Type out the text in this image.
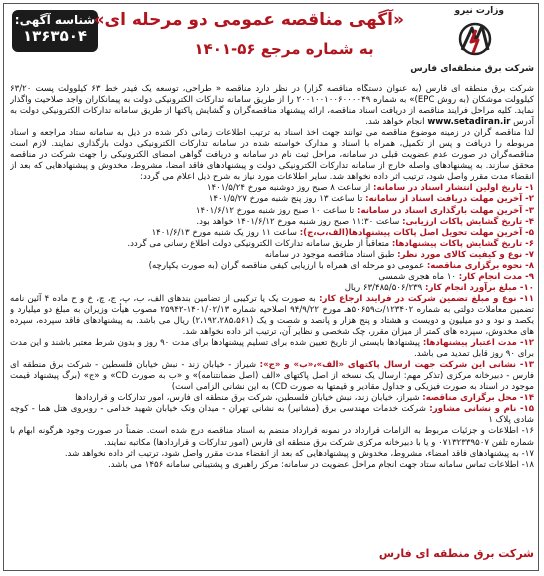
شناسه آگهی:
۱۳۶۳۵۰۴
«آگهی مناقصه عمومی دو مرحله ای»
به شماره مرجع ۵۶-۱۴۰۱
وزارت نیرو
شرکت برق منطقه‌ای فارس

شرکت برق منطقه ای فارس (به عنوان دستگاه مناقصه گزار) در نظر دارد مناقصه « طراحی، توسعه یک فیدر خط ۶۳ کیلوولت پست ۶۳/۲۰ کیلوولت موشکان (به روش EPC)» به شماره ۲۰۰۱۰۰۱۰۰۶۰۰۰۰۴۹ را از طریق سامانه تدارکات الکترونیکی دولت به پیمانکاران واجد صلاحیت واگذار نماید. کلیه مراحل فرایند مناقصه از دریافت اسناد مناقصه، ارائه پیشنهاد مناقصه‌گران و گشایش پاکتها از طریق سامانه تدارکات الکترونیکی دولت به آدرس www.setadiran.ir انجام خواهد شد.

لذا مناقصه گران در زمینه موضوع مناقصه می توانند جهت اخذ اسناد به ترتیب اطلاعات زمانی ذکر شده در ذیل به سامانه ستاد مراجعه و اسناد مربوطه را دریافت و پس از تکمیل، همراه با اسناد و مدارک خواسته شده در سامانه تدارکات الکترونیکی دولت بارگذاری نمایند. لازم است مناقصه‌گران در صورت عدم عضویت قبلی در سامانه، مراحل ثبت نام در سامانه و دریافت گواهی امضای الکترونیکی را جهت شرکت در مناقصه محقق سازند. به پیشنهادهای واصله خارج از سامانه تدارکات الکترونیکی دولت و پیشنهادهای فاقد امضا، مشروط، مخدوش و پیشنهادهایی که بعد از انقضاء مدت مقرر واصل شود، ترتیب اثر داده نخواهد شد. سایر اطلاعات مورد نیاز به شرح ذیل اعلام می گردد:

۱- تاریخ اولین انتشار اسناد در سامانه: از ساعت ۸ صبح روز دوشنبه مورخ ۱۴۰۱/۵/۲۴

۲- آخرین مهلت دریافت اسناد از سامانه: تا ساعت ۱۳ روز پنج شنبه مورخ ۱۴۰۱/۵/۲۷

۳- آخرین مهلت بارگذاری اسناد در سامانه: تا ساعت ۱۰ صبح روز شنبه مورخ ۱۴۰۱/۶/۱۲

۴- تاریخ گشایش پاکات ارزیابی: ساعت ۱۱:۳۰ صبح روز شنبه مورخ ۱۴۰۱/۶/۱۲ خواهد بود.

۵- آخرین مهلت تحویل اصل پاکات پیشنهادها(الف،ب،ج): ساعت ۱۱ روز یک شنبه مورخ ۱۴۰۱/۶/۱۳

۶- تاریخ گشایش پاکات پیشنهادها: متعاقباً از طریق سامانه تدارکات الکترونیکی دولت اطلاع رسانی می گردد.

۷- نوع و کیفیت کالای مورد نظر: طبق اسناد مناقصه موجود در سامانه

۸- نحوه برگزاری مناقصه: عمومی دو مرحله ای همراه با ارزیابی کیفی مناقصه گران (به صورت یکپارچه)

۹- مدت انجام کار: ۱۰ ماه هجری شمسی

۱۰- مبلغ برآورد انجام کار: ۶۳/۴۸۵/۵۰۶/۲۳۹ ریال

۱۱- نوع و مبلغ تضمین شرکت در فرایند ارجاع کار: به صورت یک یا ترکیبی از تضامین بندهای الف، ب، پ، ج، چ، خ و ح ماده ۴ آئین نامه تضمین معاملات دولتی به شماره ۱۲۳۴۰۲/ت۵۰۶۵۹هـ مورخ ۹۴/۹/۲۲ اصلاحیه شماره ۱۴۰۱/۰۲/۱۳-۲۵۹۴۲ مصوب هیأت وزیران به مبلغ دو میلیارد و یکصد و نود و دو میلیون و دویست و هشتاد و پنج هزار و پانصد و شصت و یک (۲،۱۹۲،۲۸۵،۵۶۱) ریال می باشد. به پیشنهادهای فاقد سپرده، سپرده های مخدوش، سپرده های کمتر از میزان مقرر، چک شخصی و نظایر آن، ترتیب اثر داده نخواهد شد.

۱۲- مدت اعتبار پیشنهادها: پیشنهادها بایستی از تاریخ تعیین شده برای تسلیم پیشنهادها برای مدت ۹۰ روز و بدون شرط معتبر باشند و این مدت برای ۹۰ روز قابل تمدید می باشد.

۱۳- نشانی این شرکت جهت ارسال پاکتهای «الف»،«ب» و «ج»: شیراز - خیابان زند - نبش خیابان فلسطین - شرکت برق منطقه ای فارس - دبیرخانه مرکزی (تذکر مهم: ارسال یک نسخه از اصل پاکتهای «الف (اصل ضمانتنامه)» و «ب به صورت CD» و «ج» (برگ پیشنهاد قیمت موجود در اسناد به صورت فیزیکی و جداول مقادیر و قیمتها به صورت CD) به این نشانی الزامی است)

۱۴- محل برگزاری مناقصه: شیراز، خیابان زند، نبش خیابان فلسطین، شرکت برق منطقه ای فارس، امور تدارکات و قراردادها

۱۵- نام و نشانی مشاور: شرکت خدمات مهندسی برق (مشانیر) به نشانی تهران - میدان ونک خیابان شهید خدامی - روبروی هتل هما - کوچه شادی پلاک ۱

۱۶- اطلاعات و جزئیات مربوط به الزامات قرارداد در نمونه قرارداد منضم به اسناد مناقصه درج شده است. ضمناً در صورت وجود هرگونه ابهام با شماره تلفن ۰۷۱۳۲۳۳۹۵۰۷ و یا با دبیرخانه مرکزی شرکت برق منطقه ای فارس (امور تدارکات و قراردادها) مکاتبه نمایند.

۱۷- به پیشنهادهای فاقد امضاء، مشروط، مخدوش و پیشنهادهایی که بعد از انقضاء مدت مقرر واصل شود، ترتیب اثر داده نخواهد شد.

۱۸- اطلاعات تماس سامانه ستاد جهت انجام مراحل عضویت در سامانه: مرکز راهبری و پشتیبانی سامانه ۱۴۵۶ می باشد.

شرکت برق منطقه ای فارس
